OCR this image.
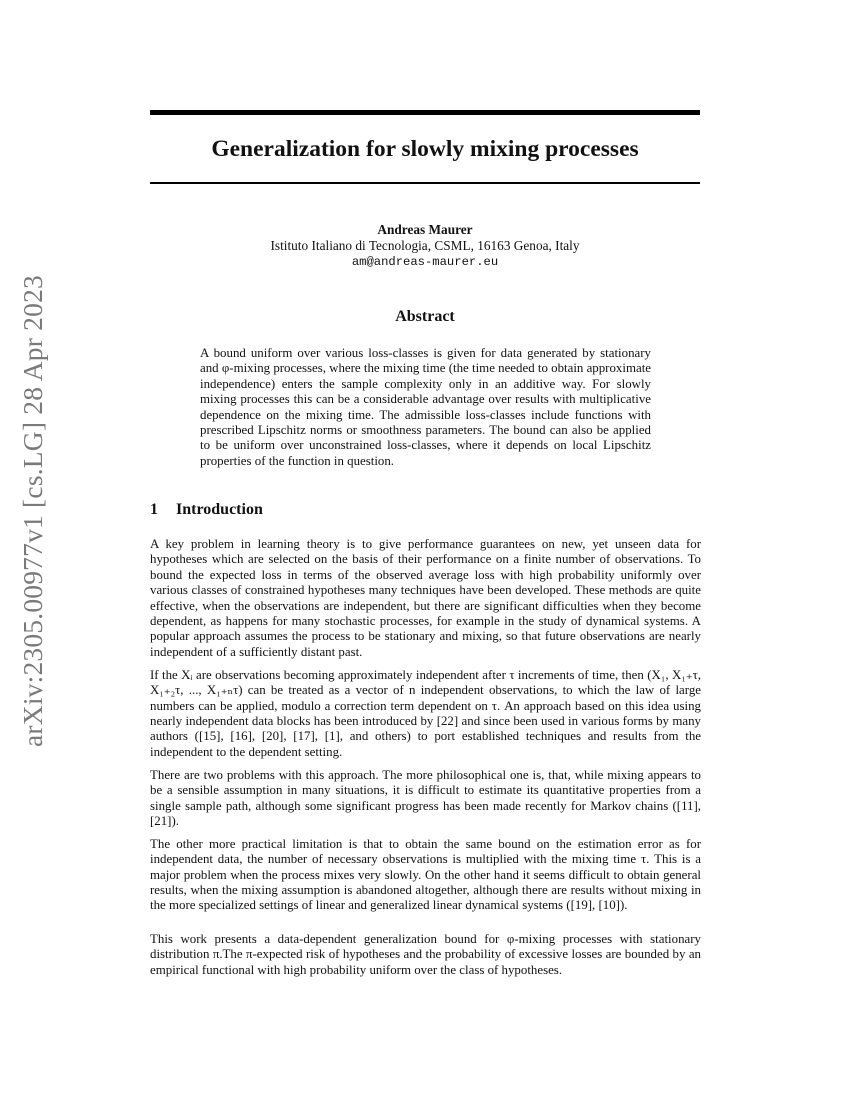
arXiv:2305.00977v1 [cs.LG] 28 Apr 2023
Generalization for slowly mixing processes
Andreas Maurer
Istituto Italiano di Tecnologia, CSML, 16163 Genoa, Italy
am@andreas-maurer.eu
Abstract

A bound uniform over various loss-classes is given for data generated by stationary and φ-mixing processes, where the mixing time (the time needed to obtain approximate independence) enters the sample complexity only in an additive way. For slowly mixing processes this can be a considerable advantage over results with multiplicative dependence on the mixing time. The admissible loss-classes include functions with prescribed Lipschitz norms or smoothness parameters. The bound can also be applied to be uniform over unconstrained loss-classes, where it depends on local Lipschitz properties of the function in question.

1 Introduction

A key problem in learning theory is to give performance guarantees on new, yet unseen data for hypotheses which are selected on the basis of their performance on a finite number of observations. To bound the expected loss in terms of the observed average loss with high probability uniformly over various classes of constrained hypotheses many techniques have been developed. These methods are quite effective, when the observations are independent, but there are significant difficulties when they become dependent, as happens for many stochastic processes, for example in the study of dynamical systems. A popular approach assumes the process to be stationary and mixing, so that future observations are nearly independent of a sufficiently distant past.

If the Xᵢ are observations becoming approximately independent after τ increments of time, then (X₁, X₁₊τ, X₁₊₂τ, ..., X₁₊ₙτ) can be treated as a vector of n independent observations, to which the law of large numbers can be applied, modulo a correction term dependent on τ. An approach based on this idea using nearly independent data blocks has been introduced by [22] and since been used in various forms by many authors ([15], [16], [20], [17], [1], and others) to port established techniques and results from the independent to the dependent setting.

There are two problems with this approach. The more philosophical one is, that, while mixing appears to be a sensible assumption in many situations, it is difficult to estimate its quantitative properties from a single sample path, although some significant progress has been made recently for Markov chains ([11], [21]).

The other more practical limitation is that to obtain the same bound on the estimation error as for independent data, the number of necessary observations is multiplied with the mixing time τ. This is a major problem when the process mixes very slowly. On the other hand it seems difficult to obtain general results, when the mixing assumption is abandoned altogether, although there are results without mixing in the more specialized settings of linear and generalized linear dynamical systems ([19], [10]).

This work presents a data-dependent generalization bound for φ-mixing processes with stationary distribution π.The π-expected risk of hypotheses and the probability of excessive losses are bounded by an empirical functional with high probability uniform over the class of hypotheses.
